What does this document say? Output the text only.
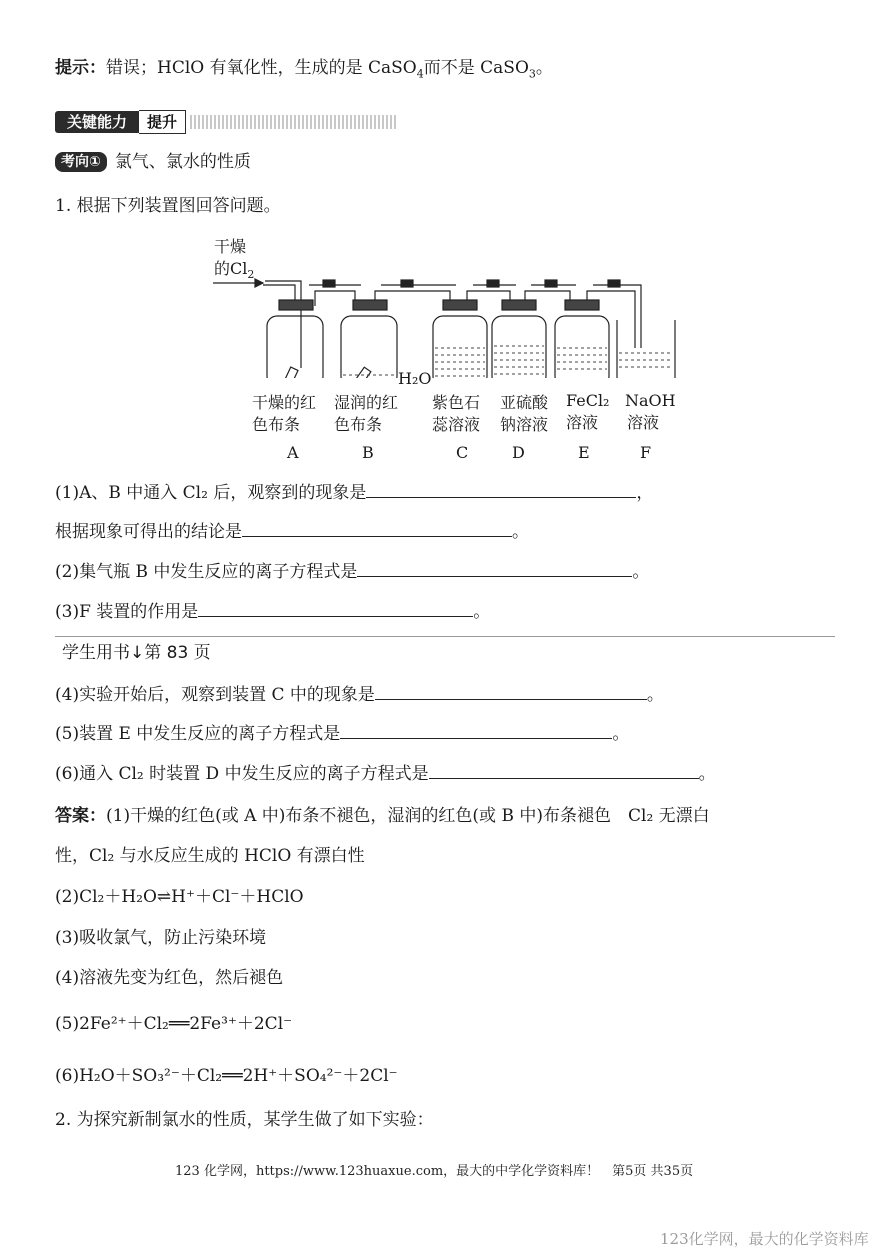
提示：错误；HClO 有氧化性，生成的是 CaSO$_4$而不是 CaSO$_3$。
关键能力	提升
考向① 氯气、氯水的性质
1. 根据下列装置图回答问题。
干燥
的$Cl_2$
H₂O
干燥的红
色布条
A
湿润的红
色布条
B
紫色石
蕊溶液
C
亚硫酸
钠溶液
D
FeCl₂
溶液
E
NaOH
溶液
F
(1)A、B 中通入 Cl₂ 后，观察到的现象是	，
根据现象可得出的结论是	。
(2)集气瓶 B 中发生反应的离子方程式是	。
(3)F 装置的作用是	。
学生用书↓第 83 页
(4)实验开始后，观察到装置 C 中的现象是	。
(5)装置 E 中发生反应的离子方程式是	。
(6)通入 Cl₂ 时装置 D 中发生反应的离子方程式是	。
答案：(1)干燥的红色(或 A 中)布条不褪色，湿润的红色(或 B 中)布条褪色　Cl₂ 无漂白
性，Cl₂ 与水反应生成的 HClO 有漂白性
(2)Cl₂＋H₂O⇌H⁺＋Cl⁻＋HClO
(3)吸收氯气，防止污染环境
(4)溶液先变为红色，然后褪色
(5)2Fe²⁺＋Cl₂══2Fe³⁺＋2Cl⁻
(6)H₂O＋SO₃²⁻＋Cl₂══2H⁺＋SO₄²⁻＋2Cl⁻
2. 为探究新制氯水的性质，某学生做了如下实验：
123 化学网，https://www.123huaxue.com，最大的中学化学资料库！　第5页 共35页
123化学网，最大的化学资料库
